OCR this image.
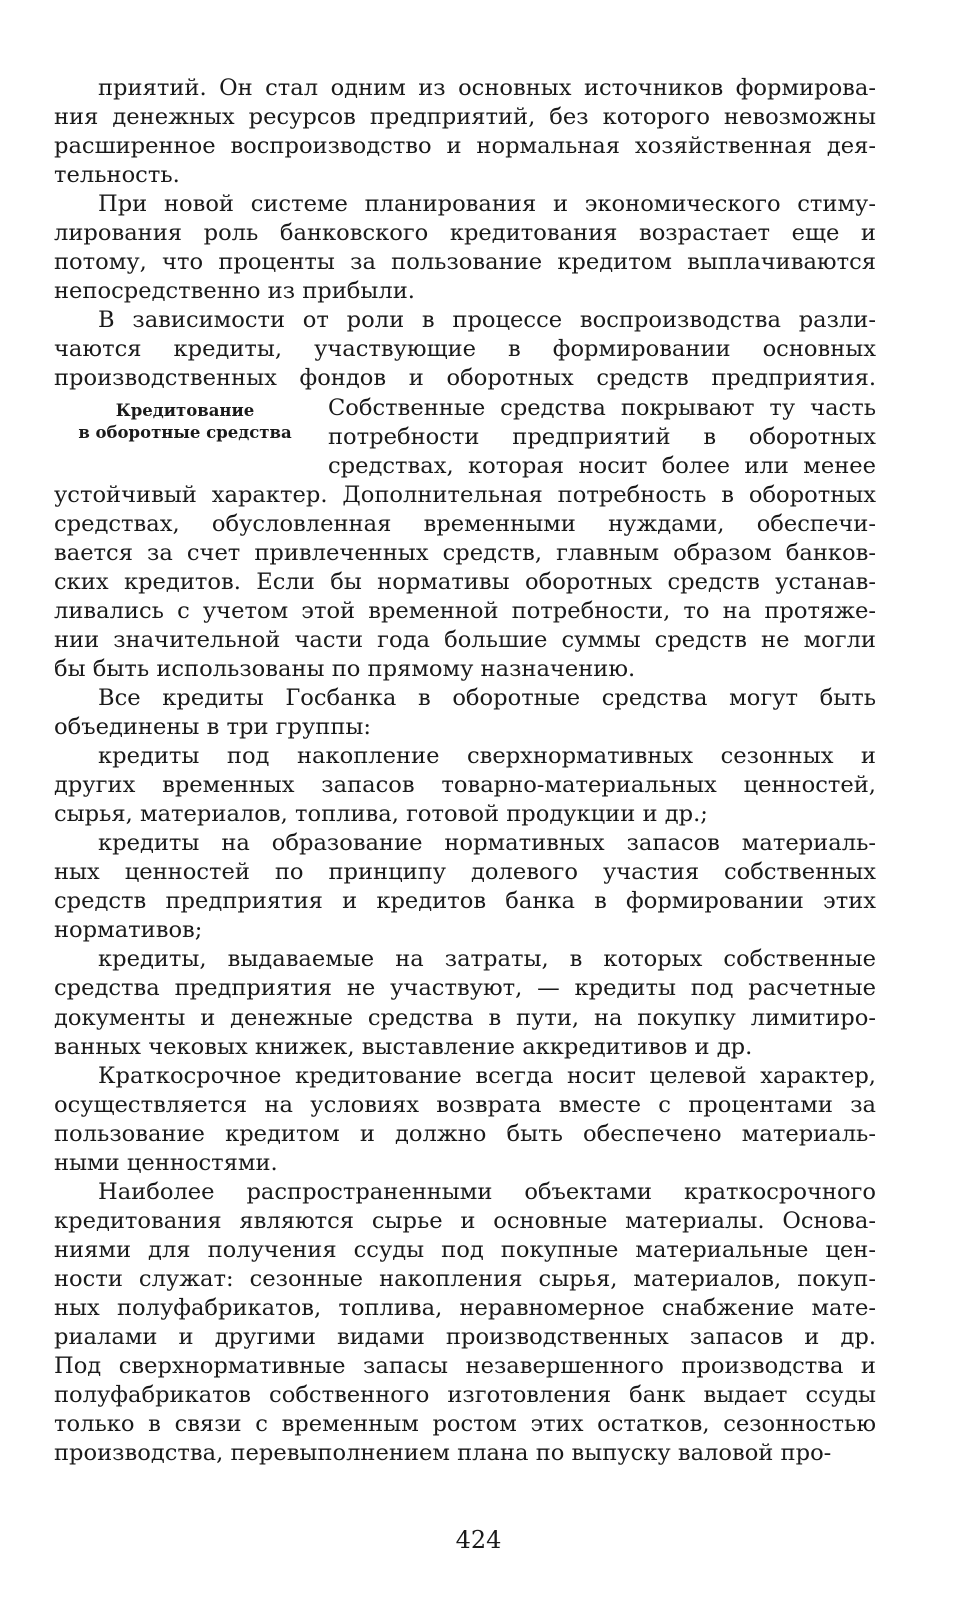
приятий. Он стал одним из основных источников формирова-
ния денежных ресурсов предприятий, без которого невозможны
расширенное воспроизводство и нормальная хозяйственная дея-
тельность.
При новой системе планирования и экономического стиму-
лирования роль банковского кредитования возрастает еще и
потому, что проценты за пользование кредитом выплачиваются
непосредственно из прибыли.
В зависимости от роли в процессе воспроизводства разли-
чаются кредиты, участвующие в формировании основных
производственных фондов и оборотных средств предприятия.
Кредитование
в оборотные средства
Собственные средства покрывают ту часть
потребности предприятий в оборотных
средствах, которая носит более или менее
устойчивый характер. Дополнительная потребность в оборотных
средствах, обусловленная временными нуждами, обеспечи-
вается за счет привлеченных средств, главным образом банков-
ских кредитов. Если бы нормативы оборотных средств устанав-
ливались с учетом этой временной потребности, то на протяже-
нии значительной части года большие суммы средств не могли
бы быть использованы по прямому назначению.
Все кредиты Госбанка в оборотные средства могут быть
объединены в три группы:
кредиты под накопление сверхнормативных сезонных и
других временных запасов товарно-материальных ценностей,
сырья, материалов, топлива, готовой продукции и др.;
кредиты на образование нормативных запасов материаль-
ных ценностей по принципу долевого участия собственных
средств предприятия и кредитов банка в формировании этих
нормативов;
кредиты, выдаваемые на затраты, в которых собственные
средства предприятия не участвуют, — кредиты под расчетные
документы и денежные средства в пути, на покупку лимитиро-
ванных чековых книжек, выставление аккредитивов и др.
Краткосрочное кредитование всегда носит целевой характер,
осуществляется на условиях возврата вместе с процентами за
пользование кредитом и должно быть обеспечено материаль-
ными ценностями.
Наиболее распространенными объектами краткосрочного
кредитования являются сырье и основные материалы. Основа-
ниями для получения ссуды под покупные материальные цен-
ности служат: сезонные накопления сырья, материалов, покуп-
ных полуфабрикатов, топлива, неравномерное снабжение мате-
риалами и другими видами производственных запасов и др.
Под сверхнормативные запасы незавершенного производства и
полуфабрикатов собственного изготовления банк выдает ссуды
только в связи с временным ростом этих остатков, сезонностью
производства, перевыполнением плана по выпуску валовой про-
424
